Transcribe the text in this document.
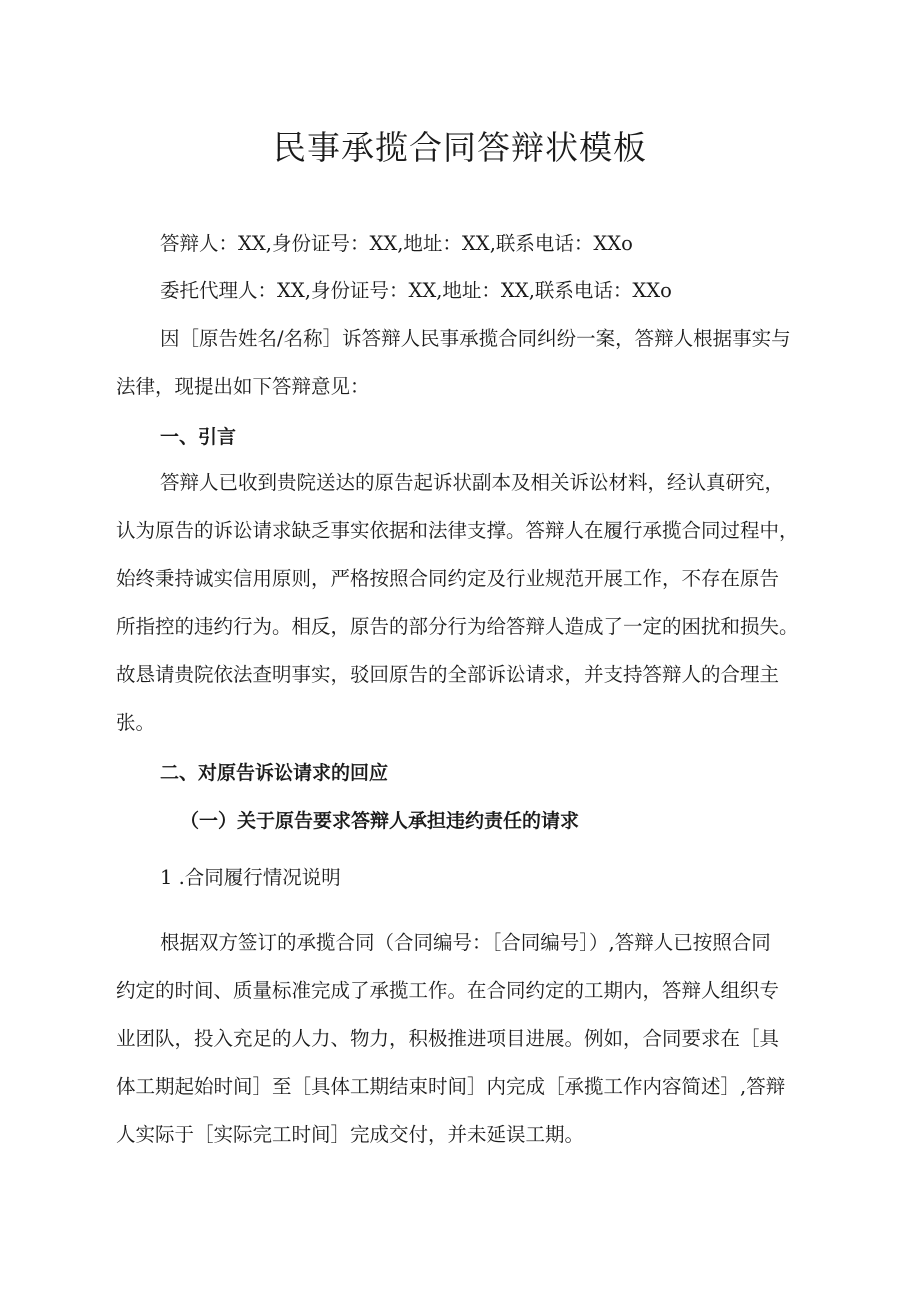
民事承揽合同答辩状模板

答辩人：XX,身份证号：XX,地址：XX,联系电话：XXo

委托代理人：XX,身份证号：XX,地址：XX,联系电话：XXo

因［原告姓名/名称］诉答辩人民事承揽合同纠纷一案，答辩人根据事实与

法律，现提出如下答辩意见：

一、引言

答辩人已收到贵院送达的原告起诉状副本及相关诉讼材料，经认真研究，

认为原告的诉讼请求缺乏事实依据和法律支撑。答辩人在履行承揽合同过程中，

始终秉持诚实信用原则，严格按照合同约定及行业规范开展工作，不存在原告

所指控的违约行为。相反，原告的部分行为给答辩人造成了一定的困扰和损失。

故恳请贵院依法查明事实，驳回原告的全部诉讼请求，并支持答辩人的合理主

张。

二、对原告诉讼请求的回应

（一）关于原告要求答辩人承担违约责任的请求

1 .合同履行情况说明

根据双方签订的承揽合同（合同编号：［合同编号］）,答辩人已按照合同

约定的时间、质量标准完成了承揽工作。在合同约定的工期内，答辩人组织专

业团队，投入充足的人力、物力，积极推进项目进展。例如，合同要求在［具

体工期起始时间］至［具体工期结束时间］内完成［承揽工作内容简述］,答辩

人实际于［实际完工时间］完成交付，并未延误工期。
